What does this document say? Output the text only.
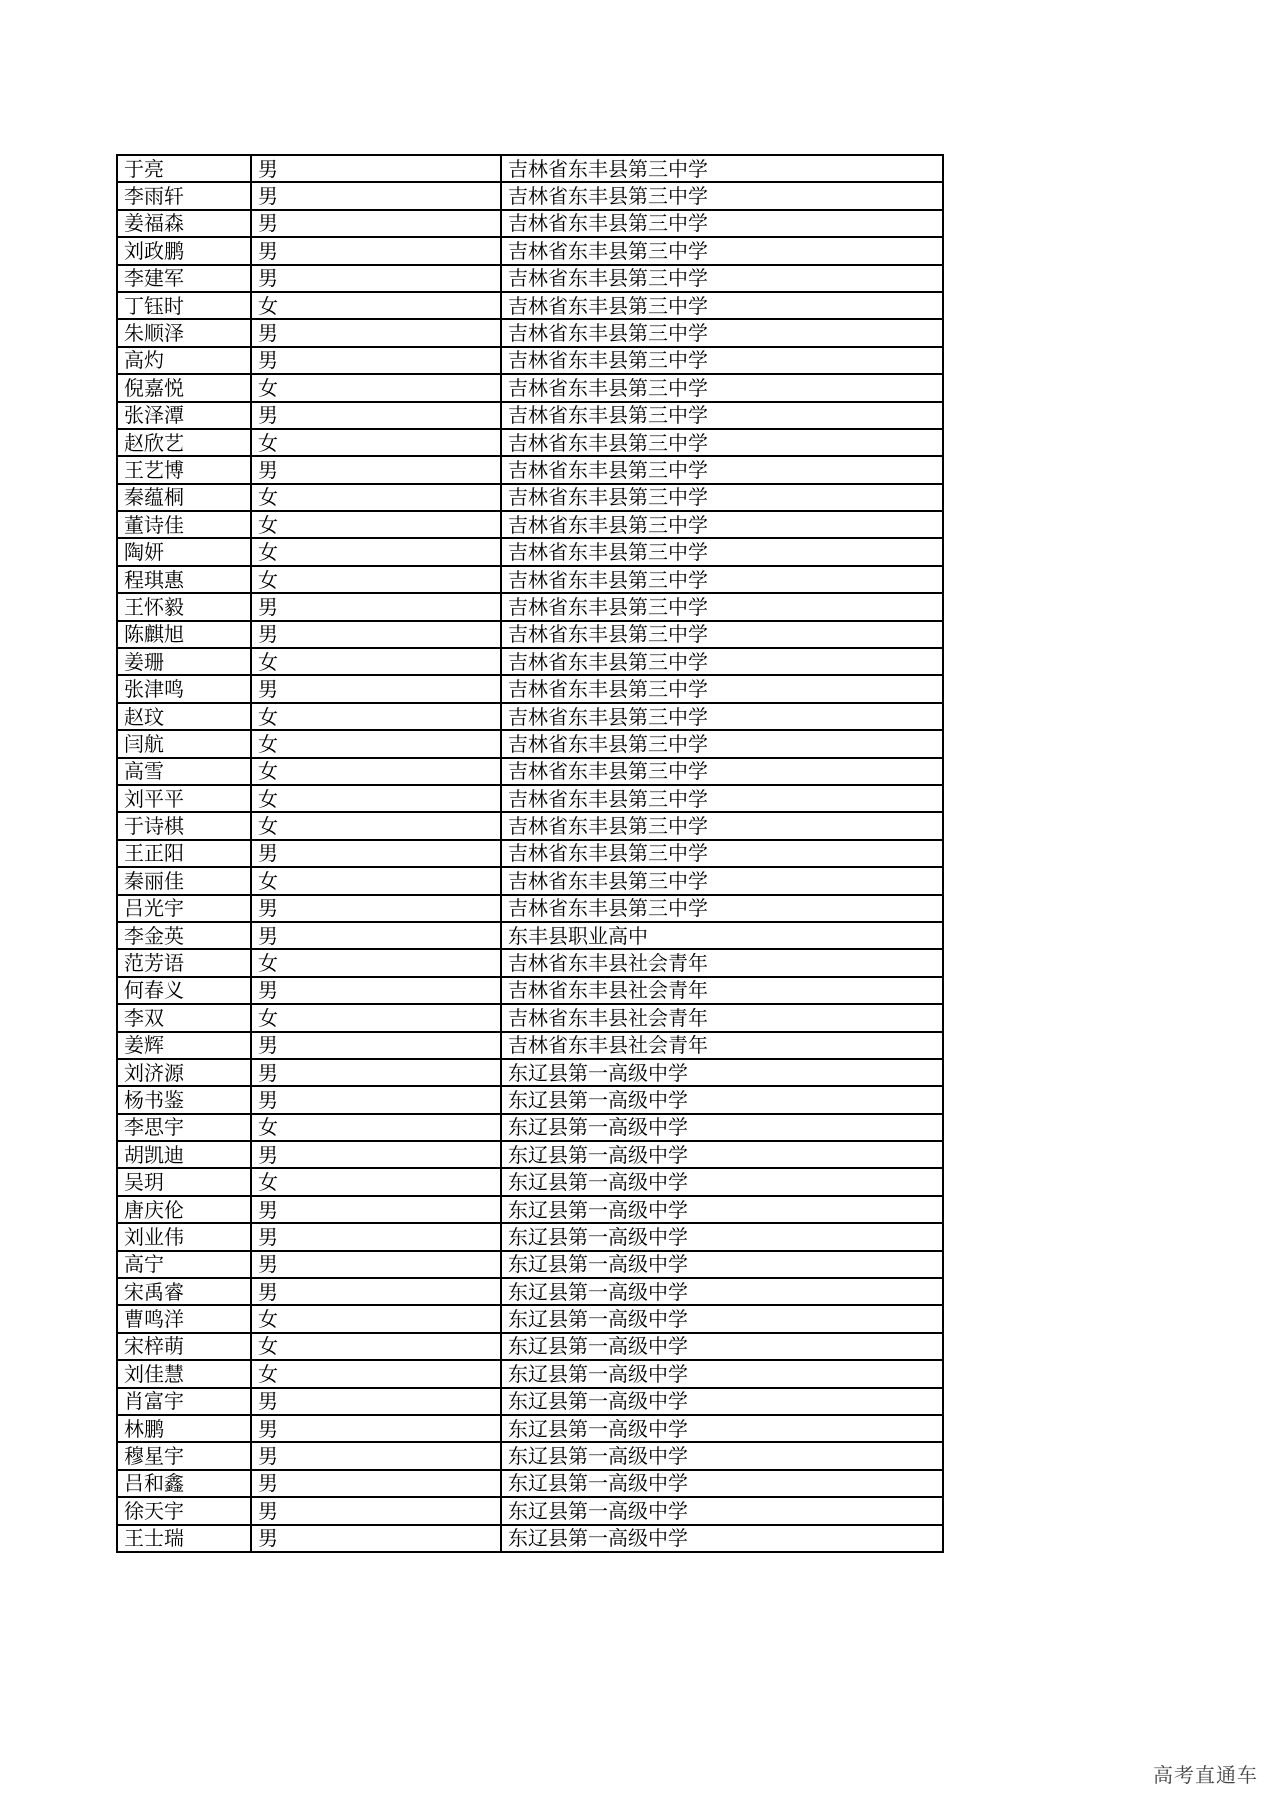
于亮	男	吉林省东丰县第三中学
李雨轩	男	吉林省东丰县第三中学
姜福森	男	吉林省东丰县第三中学
刘政鹏	男	吉林省东丰县第三中学
李建军	男	吉林省东丰县第三中学
丁钰时	女	吉林省东丰县第三中学
朱顺泽	男	吉林省东丰县第三中学
高灼	男	吉林省东丰县第三中学
倪嘉悦	女	吉林省东丰县第三中学
张泽潭	男	吉林省东丰县第三中学
赵欣艺	女	吉林省东丰县第三中学
王艺博	男	吉林省东丰县第三中学
秦蕴桐	女	吉林省东丰县第三中学
董诗佳	女	吉林省东丰县第三中学
陶妍	女	吉林省东丰县第三中学
程琪惠	女	吉林省东丰县第三中学
王怀毅	男	吉林省东丰县第三中学
陈麒旭	男	吉林省东丰县第三中学
姜珊	女	吉林省东丰县第三中学
张津鸣	男	吉林省东丰县第三中学
赵玟	女	吉林省东丰县第三中学
闫航	女	吉林省东丰县第三中学
高雪	女	吉林省东丰县第三中学
刘平平	女	吉林省东丰县第三中学
于诗棋	女	吉林省东丰县第三中学
王正阳	男	吉林省东丰县第三中学
秦丽佳	女	吉林省东丰县第三中学
吕光宇	男	吉林省东丰县第三中学
李金英	男	东丰县职业高中
范芳语	女	吉林省东丰县社会青年
何春义	男	吉林省东丰县社会青年
李双	女	吉林省东丰县社会青年
姜辉	男	吉林省东丰县社会青年
刘济源	男	东辽县第一高级中学
杨书鉴	男	东辽县第一高级中学
李思宇	女	东辽县第一高级中学
胡凯迪	男	东辽县第一高级中学
吴玥	女	东辽县第一高级中学
唐庆伦	男	东辽县第一高级中学
刘业伟	男	东辽县第一高级中学
高宁	男	东辽县第一高级中学
宋禹睿	男	东辽县第一高级中学
曹鸣洋	女	东辽县第一高级中学
宋梓萌	女	东辽县第一高级中学
刘佳慧	女	东辽县第一高级中学
肖富宇	男	东辽县第一高级中学
林鹏	男	东辽县第一高级中学
穆星宇	男	东辽县第一高级中学
吕和鑫	男	东辽县第一高级中学
徐天宇	男	东辽县第一高级中学
王士瑞	男	东辽县第一高级中学
高考直通车
